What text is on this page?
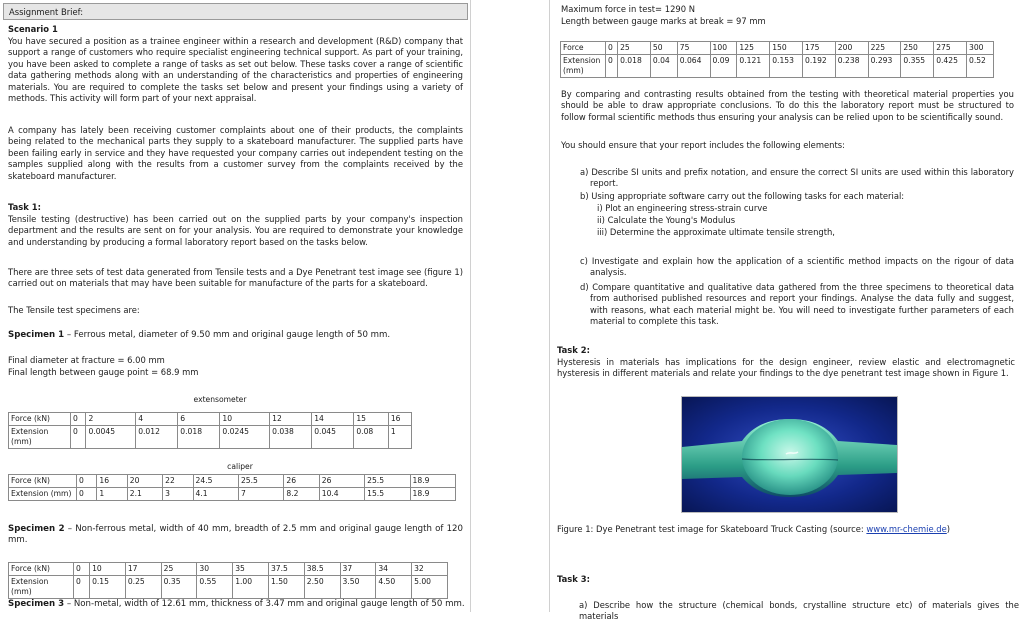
Assignment Brief:

Scenario 1

You have secured a position as a trainee engineer within a research and development (R&D) company that support a range of customers who require specialist engineering technical support. As part of your training, you have been asked to complete a range of tasks as set out below. These tasks cover a range of scientific data gathering methods along with an understanding of the characteristics and properties of engineering materials. You are required to complete the tasks set below and present your findings using a variety of methods. This activity will form part of your next appraisal.

A company has lately been receiving customer complaints about one of their products, the complaints being related to the mechanical parts they supply to a skateboard manufacturer. The supplied parts have been failing early in service and they have requested your company carries out independent testing on the samples supplied along with the results from a customer survey from the complaints received by the skateboard manufacturer.

Task 1:

Tensile testing (destructive) has been carried out on the supplied parts by your company's inspection department and the results are sent on for your analysis. You are required to demonstrate your knowledge and understanding by producing a formal laboratory report based on the tasks below.

There are three sets of test data generated from Tensile tests and a Dye Penetrant test image see (figure 1) carried out on materials that may have been suitable for manufacture of the parts for a skateboard.

The Tensile test specimens are:

Specimen 1 – Ferrous metal, diameter of 9.50 mm and original gauge length of 50 mm.

Final diameter at fracture = 6.00 mm

Final length between gauge point = 68.9 mm

extensometer
Force (kN)	0	2	4	6	10	12	14	15	16
Extension (mm)	0	0.0045	0.012	0.018	0.0245	0.038	0.045	0.08	1
caliper
Force (kN)	0	16	20	22	24.5	25.5	26	26	25.5	18.9
Extension (mm)	0	1	2.1	3	4.1	7	8.2	10.4	15.5	18.9

Specimen 2 – Non-ferrous metal, width of 40 mm, breadth of 2.5 mm and original gauge length of 120 mm.

Force (kN)	0	10	17	25	30	35	37.5	38.5	37	34	32
Extension (mm)	0	0.15	0.25	0.35	0.55	1.00	1.50	2.50	3.50	4.50	5.00

Specimen 3 – Non-metal, width of 12.61 mm, thickness of 3.47 mm and original gauge length of 50 mm.

Maximum force in test= 1290 N

Length between gauge marks at break = 97 mm

Force	0	25	50	75	100	125	150	175	200	225	250	275	300
Extension (mm)	0	0.018	0.04	0.064	0.09	0.121	0.153	0.192	0.238	0.293	0.355	0.425	0.52

By comparing and contrasting results obtained from the testing with theoretical material properties you should be able to draw appropriate conclusions. To do this the laboratory report must be structured to follow formal scientific methods thus ensuring your analysis can be relied upon to be scientifically sound.

You should ensure that your report includes the following elements:

a) Describe SI units and prefix notation, and ensure the correct SI units are used within this laboratory report.

b) Using appropriate software carry out the following tasks for each material:

i) Plot an engineering stress-strain curve

ii) Calculate the Young's Modulus

iii) Determine the approximate ultimate tensile strength,

c) Investigate and explain how the application of a scientific method impacts on the rigour of data analysis.

d) Compare quantitative and qualitative data gathered from the three specimens to theoretical data from authorised published resources and report your findings. Analyse the data fully and suggest, with reasons, what each material might be. You will need to investigate further parameters of each material to complete this task.

Task 2:

Hysteresis in materials has implications for the design engineer, review elastic and electromagnetic hysteresis in different materials and relate your findings to the dye penetrant test image shown in Figure 1.

Figure 1: Dye Penetrant test image for Skateboard Truck Casting (source: www.mr-chemie.de)

Task 3:

a) Describe how the structure (chemical bonds, crystalline structure etc) of materials gives the materials
